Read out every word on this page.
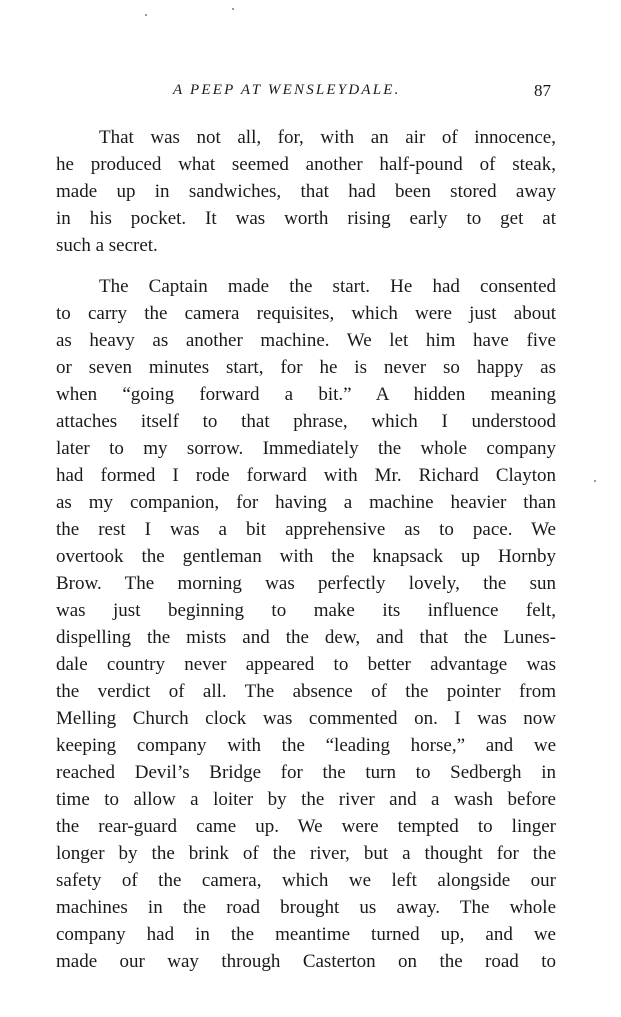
A PEEP AT WENSLEYDALE.	87

That was not all, for, with an air of innocence,
he produced what seemed another half-pound of steak,
made up in sandwiches, that had been stored away
in his pocket. It was worth rising early to get at
such a secret.

The Captain made the start. He had consented
to carry the camera requisites, which were just about
as heavy as another machine. We let him have five
or seven minutes start, for he is never so happy as
when “going forward a bit.” A hidden meaning
attaches itself to that phrase, which I understood
later to my sorrow. Immediately the whole company
had formed I rode forward with Mr. Richard Clayton
as my companion, for having a machine heavier than
the rest I was a bit apprehensive as to pace. We
overtook the gentleman with the knapsack up Hornby
Brow. The morning was perfectly lovely, the sun
was just beginning to make its influence felt,
dispelling the mists and the dew, and that the Lunes-
dale country never appeared to better advantage was
the verdict of all. The absence of the pointer from
Melling Church clock was commented on. I was now
keeping company with the “leading horse,” and we
reached Devil’s Bridge for the turn to Sedbergh in
time to allow a loiter by the river and a wash before
the rear-guard came up. We were tempted to linger
longer by the brink of the river, but a thought for the
safety of the camera, which we left alongside our
machines in the road brought us away. The whole
company had in the meantime turned up, and we
made our way through Casterton on the road to
